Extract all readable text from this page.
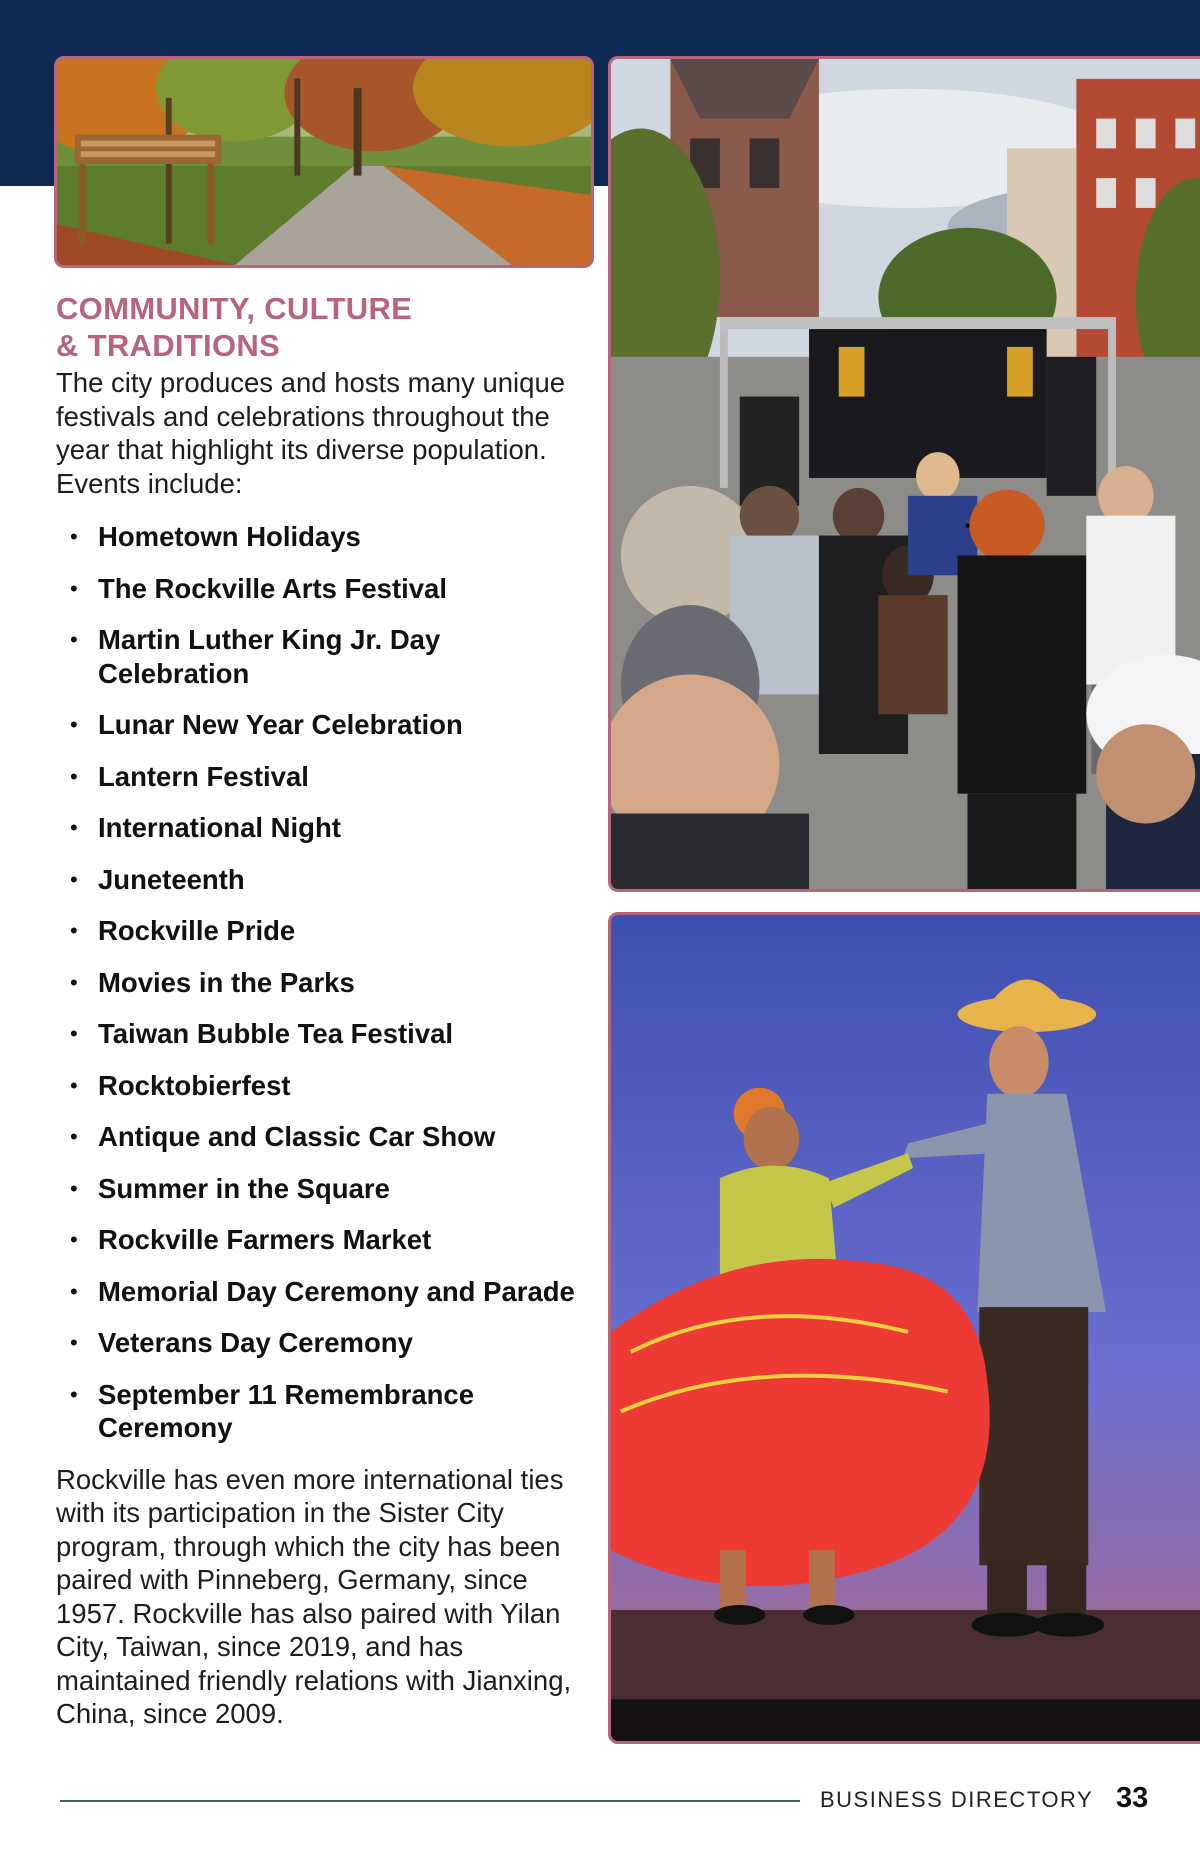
COMMUNITY, CULTURE
& TRADITIONS

The city produces and hosts many unique festivals and celebrations throughout the year that highlight its diverse population. Events include:

• Hometown Holidays
• The Rockville Arts Festival
• Martin Luther King Jr. Day Celebration
• Lunar New Year Celebration
• Lantern Festival
• International Night
• Juneteenth
• Rockville Pride
• Movies in the Parks
• Taiwan Bubble Tea Festival
• Rocktobierfest
• Antique and Classic Car Show
• Summer in the Square
• Rockville Farmers Market
• Memorial Day Ceremony and Parade
• Veterans Day Ceremony
• September 11 Remembrance Ceremony

Rockville has even more international ties with its participation in the Sister City program, through which the city has been paired with Pinneberg, Germany, since 1957. Rockville has also paired with Yilan City, Taiwan, since 2019, and has maintained friendly relations with Jianxing, China, since 2009.

BUSINESS DIRECTORY 33
